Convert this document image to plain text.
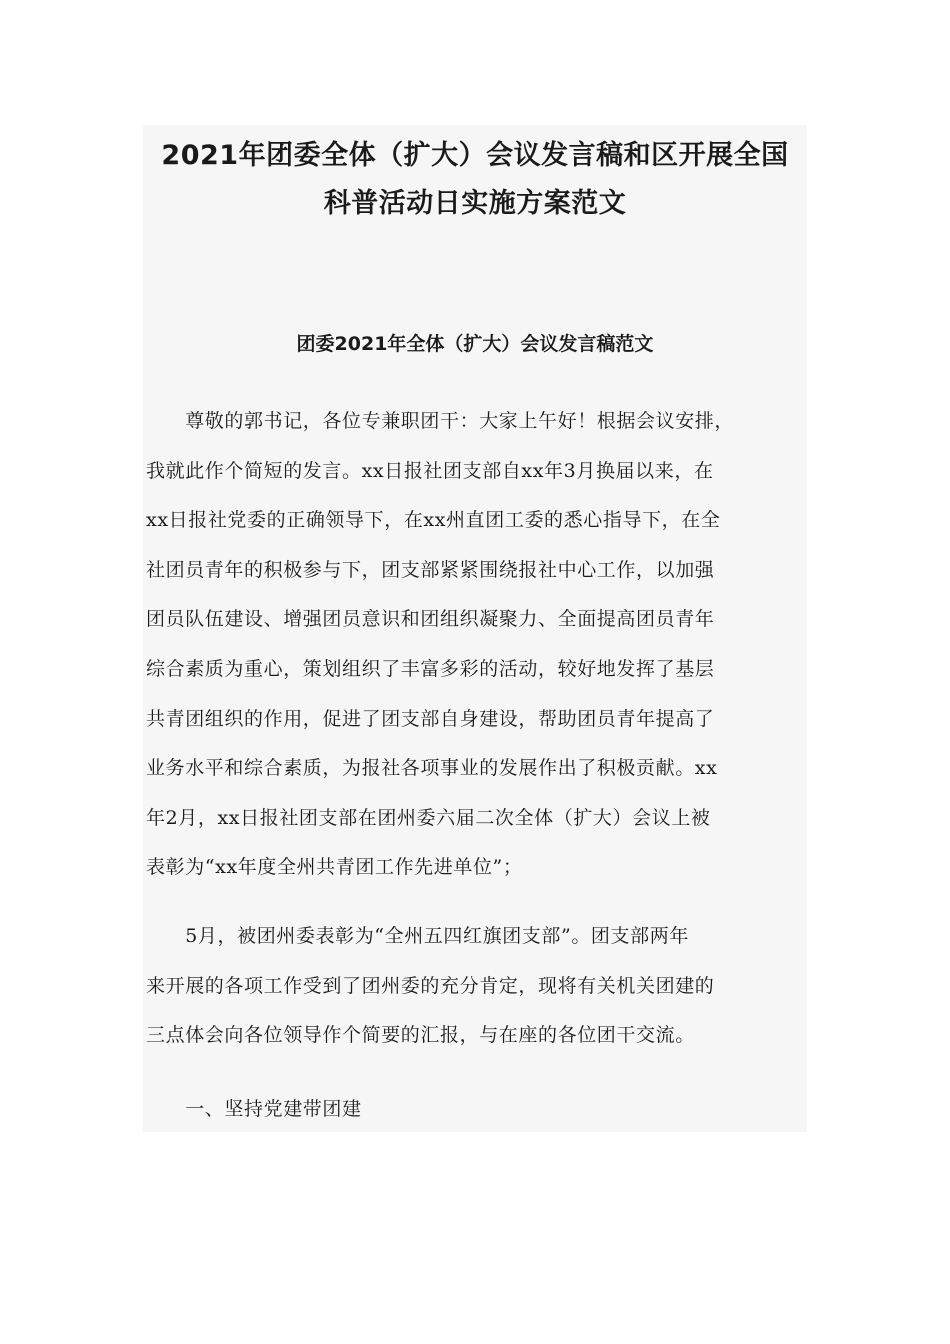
2021年团委全体（扩大）会议发言稿和区开展全国
科普活动日实施方案范文
团委2021年全体（扩大）会议发言稿范文

　　尊敬的郭书记，各位专兼职团干：大家上午好！根据会议安排，
我就此作个简短的发言。xx日报社团支部自xx年3月换届以来，在
xx日报社党委的正确领导下，在xx州直团工委的悉心指导下，在全
社团员青年的积极参与下，团支部紧紧围绕报社中心工作，以加强
团员队伍建设、增强团员意识和团组织凝聚力、全面提高团员青年
综合素质为重心，策划组织了丰富多彩的活动，较好地发挥了基层
共青团组织的作用，促进了团支部自身建设，帮助团员青年提高了
业务水平和综合素质，为报社各项事业的发展作出了积极贡献。xx
年2月，xx日报社团支部在团州委六届二次全体（扩大）会议上被
表彰为“xx年度全州共青团工作先进单位”；

　　5月，被团州委表彰为“全州五四红旗团支部”。团支部两年
来开展的各项工作受到了团州委的充分肯定，现将有关机关团建的
三点体会向各位领导作个简要的汇报，与在座的各位团干交流。

　　一、坚持党建带团建
